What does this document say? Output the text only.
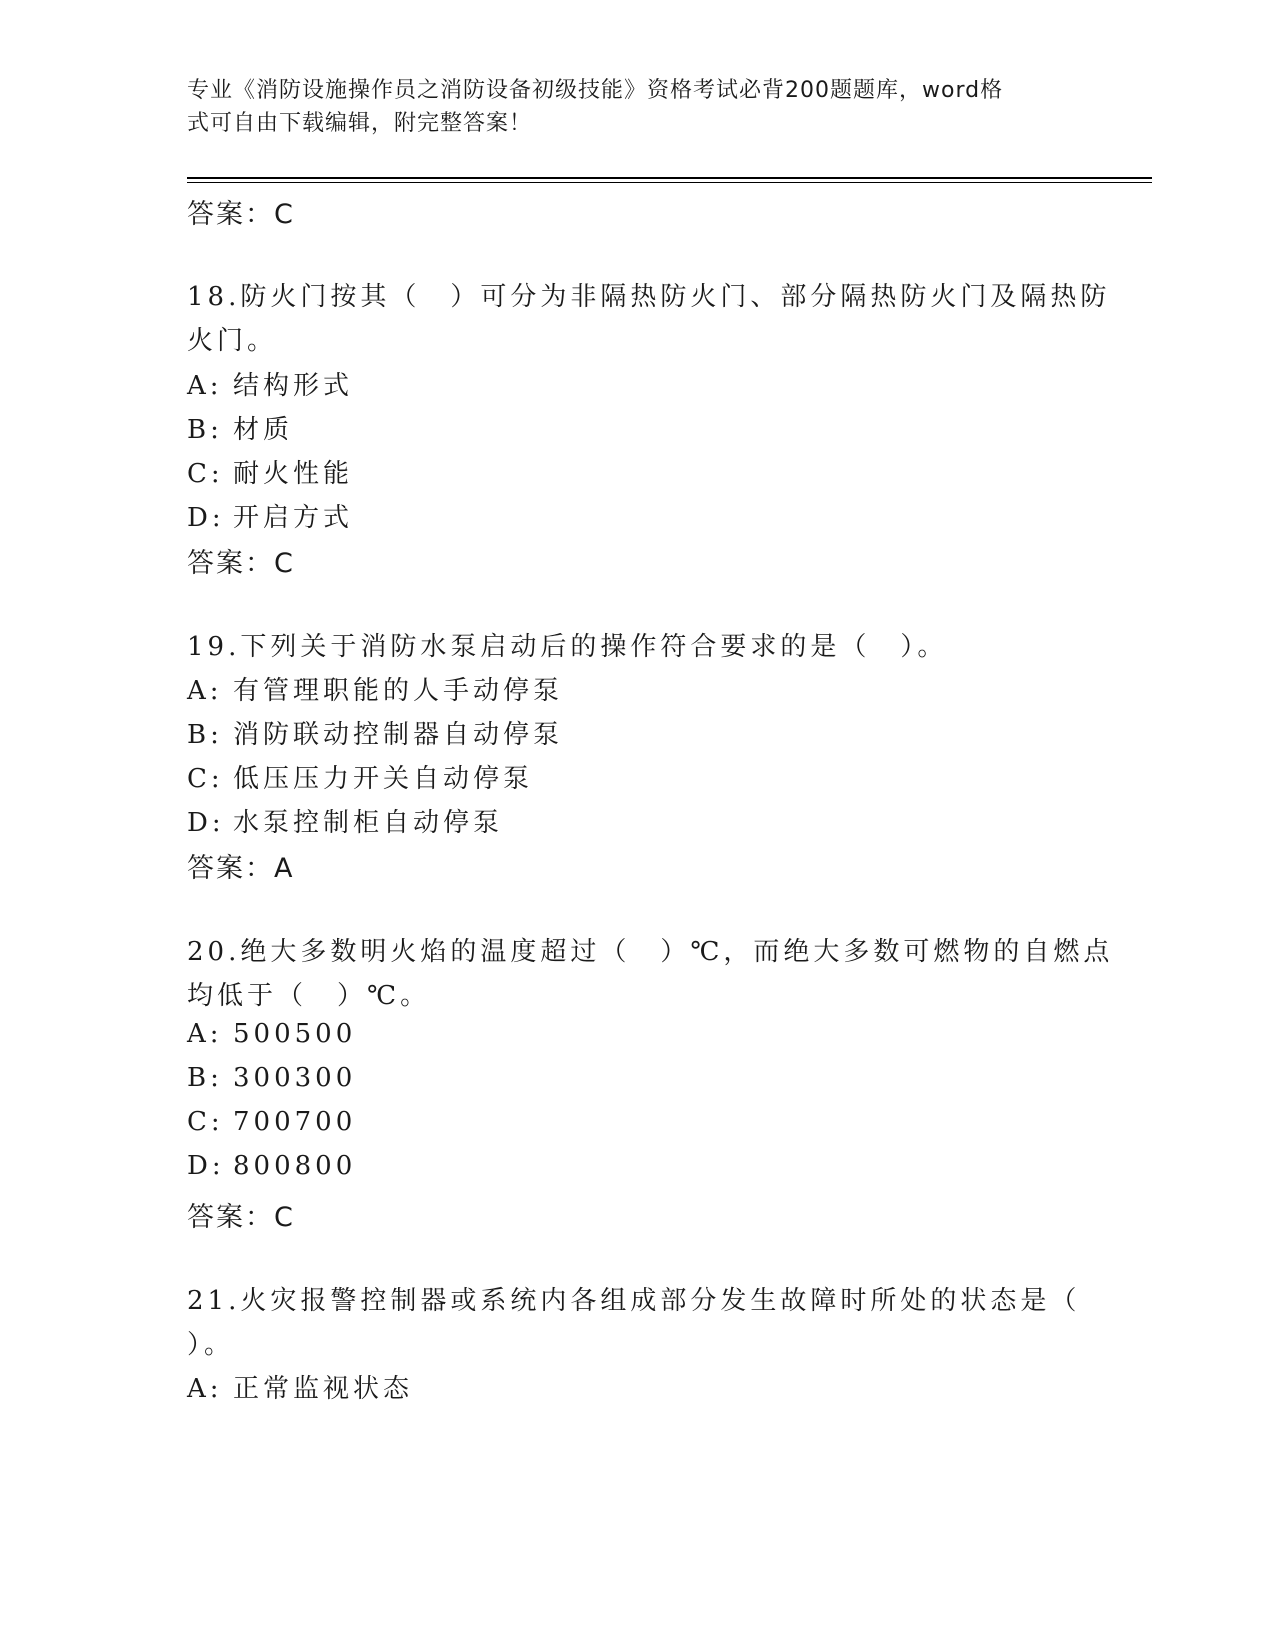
专业《消防设施操作员之消防设备初级技能》资格考试必背200题题库，word格
式可自由下载编辑，附完整答案！
答案：C
18.防火门按其（　）可分为非隔热防火门、部分隔热防火门及隔热防
火门。
A: 结构形式
B: 材质
C: 耐火性能
D: 开启方式
答案：C
19.下列关于消防水泵启动后的操作符合要求的是（　）。
A: 有管理职能的人手动停泵
B: 消防联动控制器自动停泵
C: 低压压力开关自动停泵
D: 水泵控制柜自动停泵
答案：A
20.绝大多数明火焰的温度超过（　）℃，而绝大多数可燃物的自燃点
均低于（　）℃。
A: 500500
B: 300300
C: 700700
D: 800800
答案：C
21.火灾报警控制器或系统内各组成部分发生故障时所处的状态是（
）。
A: 正常监视状态
